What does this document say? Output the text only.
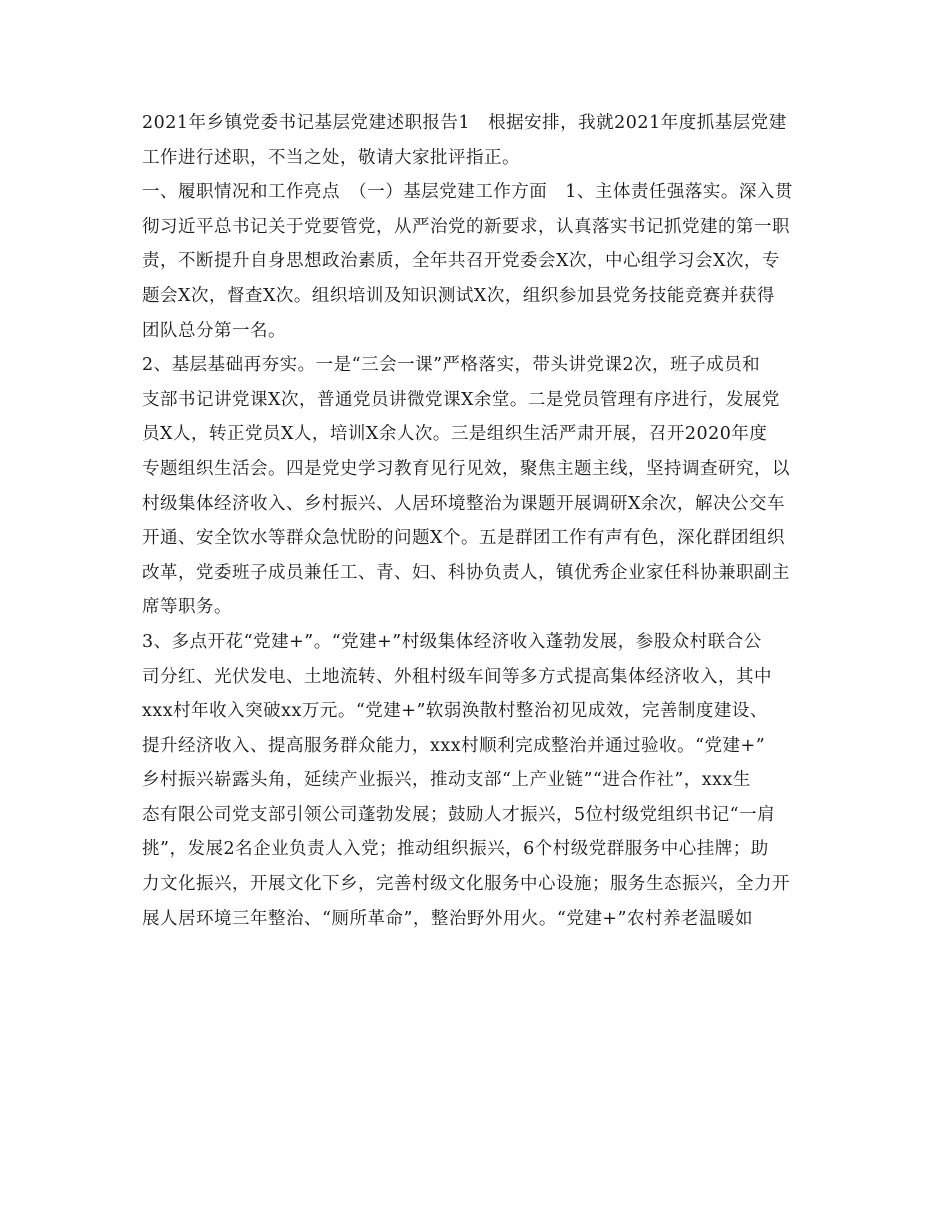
2021年乡镇党委书记基层党建述职报告1　根据安排，我就2021年度抓基层党建
工作进行述职，不当之处，敬请大家批评指正。
一、履职情况和工作亮点　（一）基层党建工作方面　1、主体责任强落实。深入贯
彻习近平总书记关于党要管党，从严治党的新要求，认真落实书记抓党建的第一职
责，不断提升自身思想政治素质，全年共召开党委会X次，中心组学习会X次，专
题会X次，督查X次。组织培训及知识测试X次，组织参加县党务技能竞赛并获得
团队总分第一名。
2、基层基础再夯实。一是“三会一课”严格落实，带头讲党课2次，班子成员和
支部书记讲党课X次，普通党员讲微党课X余堂。二是党员管理有序进行，发展党
员X人，转正党员X人，培训X余人次。三是组织生活严肃开展，召开2020年度
专题组织生活会。四是党史学习教育见行见效，聚焦主题主线，坚持调查研究，以
村级集体经济收入、乡村振兴、人居环境整治为课题开展调研X余次，解决公交车
开通、安全饮水等群众急忧盼的问题X个。五是群团工作有声有色，深化群团组织
改革，党委班子成员兼任工、青、妇、科协负责人，镇优秀企业家任科协兼职副主
席等职务。
3、多点开花“党建+”。“党建+”村级集体经济收入蓬勃发展，参股众村联合公
司分红、光伏发电、土地流转、外租村级车间等多方式提高集体经济收入，其中
xxx村年收入突破xx万元。“党建+”软弱涣散村整治初见成效，完善制度建设、
提升经济收入、提高服务群众能力，xxx村顺利完成整治并通过验收。“党建+”
乡村振兴崭露头角，延续产业振兴，推动支部“上产业链”“进合作社”，xxx生
态有限公司党支部引领公司蓬勃发展；鼓励人才振兴，5位村级党组织书记“一肩
挑”，发展2名企业负责人入党；推动组织振兴，6个村级党群服务中心挂牌；助
力文化振兴，开展文化下乡，完善村级文化服务中心设施；服务生态振兴，全力开
展人居环境三年整治、“厕所革命”，整治野外用火。“党建+”农村养老温暖如
